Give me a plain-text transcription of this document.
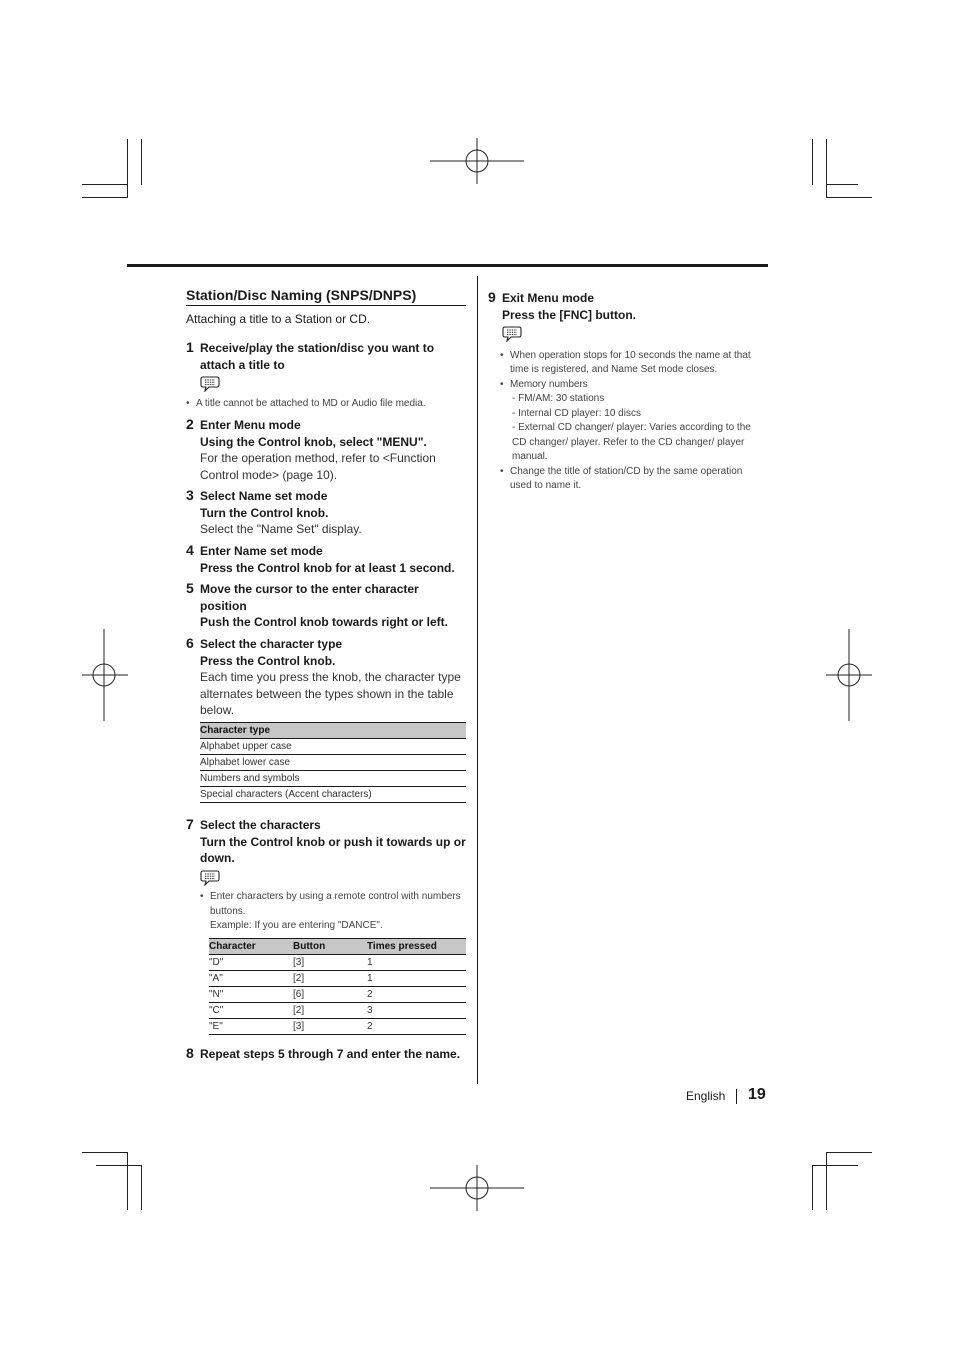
Station/Disc Naming (SNPS/DNPS)
Attaching a title to a Station or CD.
1 Receive/play the station/disc you want to attach a title to
• A title cannot be attached to MD or Audio file media.
2 Enter Menu mode
Using the Control knob, select "MENU".
For the operation method, refer to <Function Control mode> (page 10).
3 Select Name set mode
Turn the Control knob.
Select the "Name Set" display.
4 Enter Name set mode
Press the Control knob for at least 1 second.
5 Move the cursor to the enter character position
Push the Control knob towards right or left.
6 Select the character type
Press the Control knob.
Each time you press the knob, the character type alternates between the types shown in the table below.
Character type
Alphabet upper case
Alphabet lower case
Numbers and symbols
Special characters (Accent characters)
7 Select the characters
Turn the Control knob or push it towards up or down.
• Enter characters by using a remote control with numbers buttons.
Example: If you are entering "DANCE".
Character	Button	Times pressed
"D"	[3]	1
"A"	[2]	1
"N"	[6]	2
"C"	[2]	3
"E"	[3]	2
8 Repeat steps 5 through 7 and enter the name.
9 Exit Menu mode
Press the [FNC] button.
• When operation stops for 10 seconds the name at that time is registered, and Name Set mode closes.
• Memory numbers
- FM/AM: 30 stations
- Internal CD player: 10 discs
- External CD changer/ player: Varies according to the CD changer/ player. Refer to the CD changer/ player manual.
• Change the title of station/CD by the same operation used to name it.
English 19
